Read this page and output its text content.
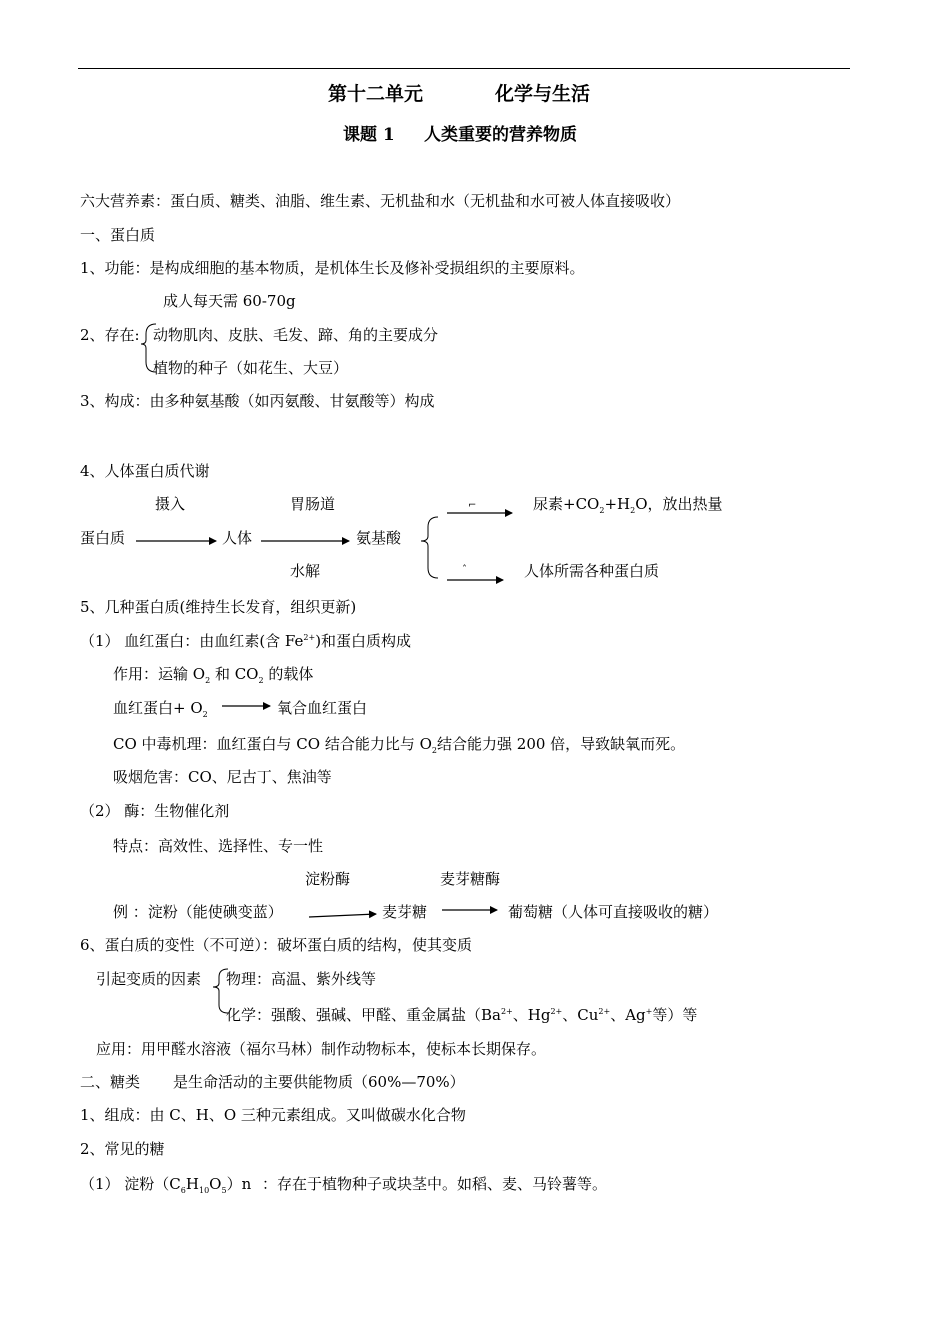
第十二单元	化学与生活
课题 1 人类重要的营养物质
六大营养素：蛋白质、糖类、油脂、维生素、无机盐和水（无机盐和水可被人体直接吸收）
一、蛋白质
1、功能：是构成细胞的基本物质，是机体生长及修补受损组织的主要原料。
成人每天需 60-70g
2、存在: 动物肌肉、皮肤、毛发、蹄、角的主要成分
植物的种子（如花生、大豆）
3、构成：由多种氨基酸（如丙氨酸、甘氨酸等）构成
4、人体蛋白质代谢
摄入	胃肠道
蛋白质	人体	氨基酸
水解
⌐
ˆ
尿素$+CO_2+H_2O$，放出热量
人体所需各种蛋白质
5、几种蛋白质(维持生长发育，组织更新)
（1） 血红蛋白：由血红素(含 $Fe^{2+}$)和蛋白质构成
作用：运输 $O_2$ 和 $CO_2$ 的载体
血红蛋白+ $O_2$	氧合血红蛋白
CO 中毒机理：血红蛋白与 CO 结合能力比与 $O_2$结合能力强 200 倍，导致缺氧而死。
吸烟危害：CO、尼古丁、焦油等
（2） 酶：生物催化剂
特点：高效性、选择性、专一性
淀粉酶	麦芽糖酶
例 ：淀粉（能使碘变蓝）	麦芽糖	葡萄糖（人体可直接吸收的糖）
6、蛋白质的变性（不可逆）：破坏蛋白质的结构，使其变质
引起变质的因素 物理：高温、紫外线等
化学：强酸、强碱、甲醛、重金属盐（$Ba^{2+}$、$Hg^{2+}$、$Cu^{2+}$、Ag+等）等
应用：用甲醛水溶液（福尔马林）制作动物标本，使标本长期保存。
二、糖类 是生命活动的主要供能物质（60%—70%）
1、组成：由 C、H、O 三种元素组成。又叫做碳水化合物
2、常见的糖
（1） 淀粉$(C_6H_{10}O_5)n$ ：存在于植物种子或块茎中。如稻、麦、马铃薯等。
